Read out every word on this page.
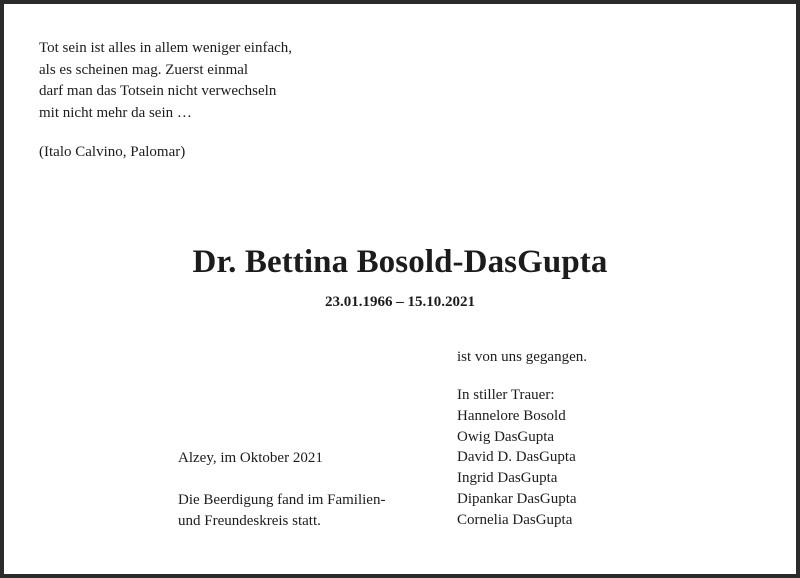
Tot sein ist alles in allem weniger einfach,
als es scheinen mag. Zuerst einmal
darf man das Totsein nicht verwechseln
mit nicht mehr da sein …

(Italo Calvino, Palomar)
Dr. Bettina Bosold-DasGupta
23.01.1966 – 15.10.2021
ist von uns gegangen.
In stiller Trauer:
Hannelore Bosold
Owig DasGupta
David D. DasGupta
Ingrid DasGupta
Dipankar DasGupta
Cornelia DasGupta
Alzey, im Oktober 2021
Die Beerdigung fand im Familien-
und Freundeskreis statt.
